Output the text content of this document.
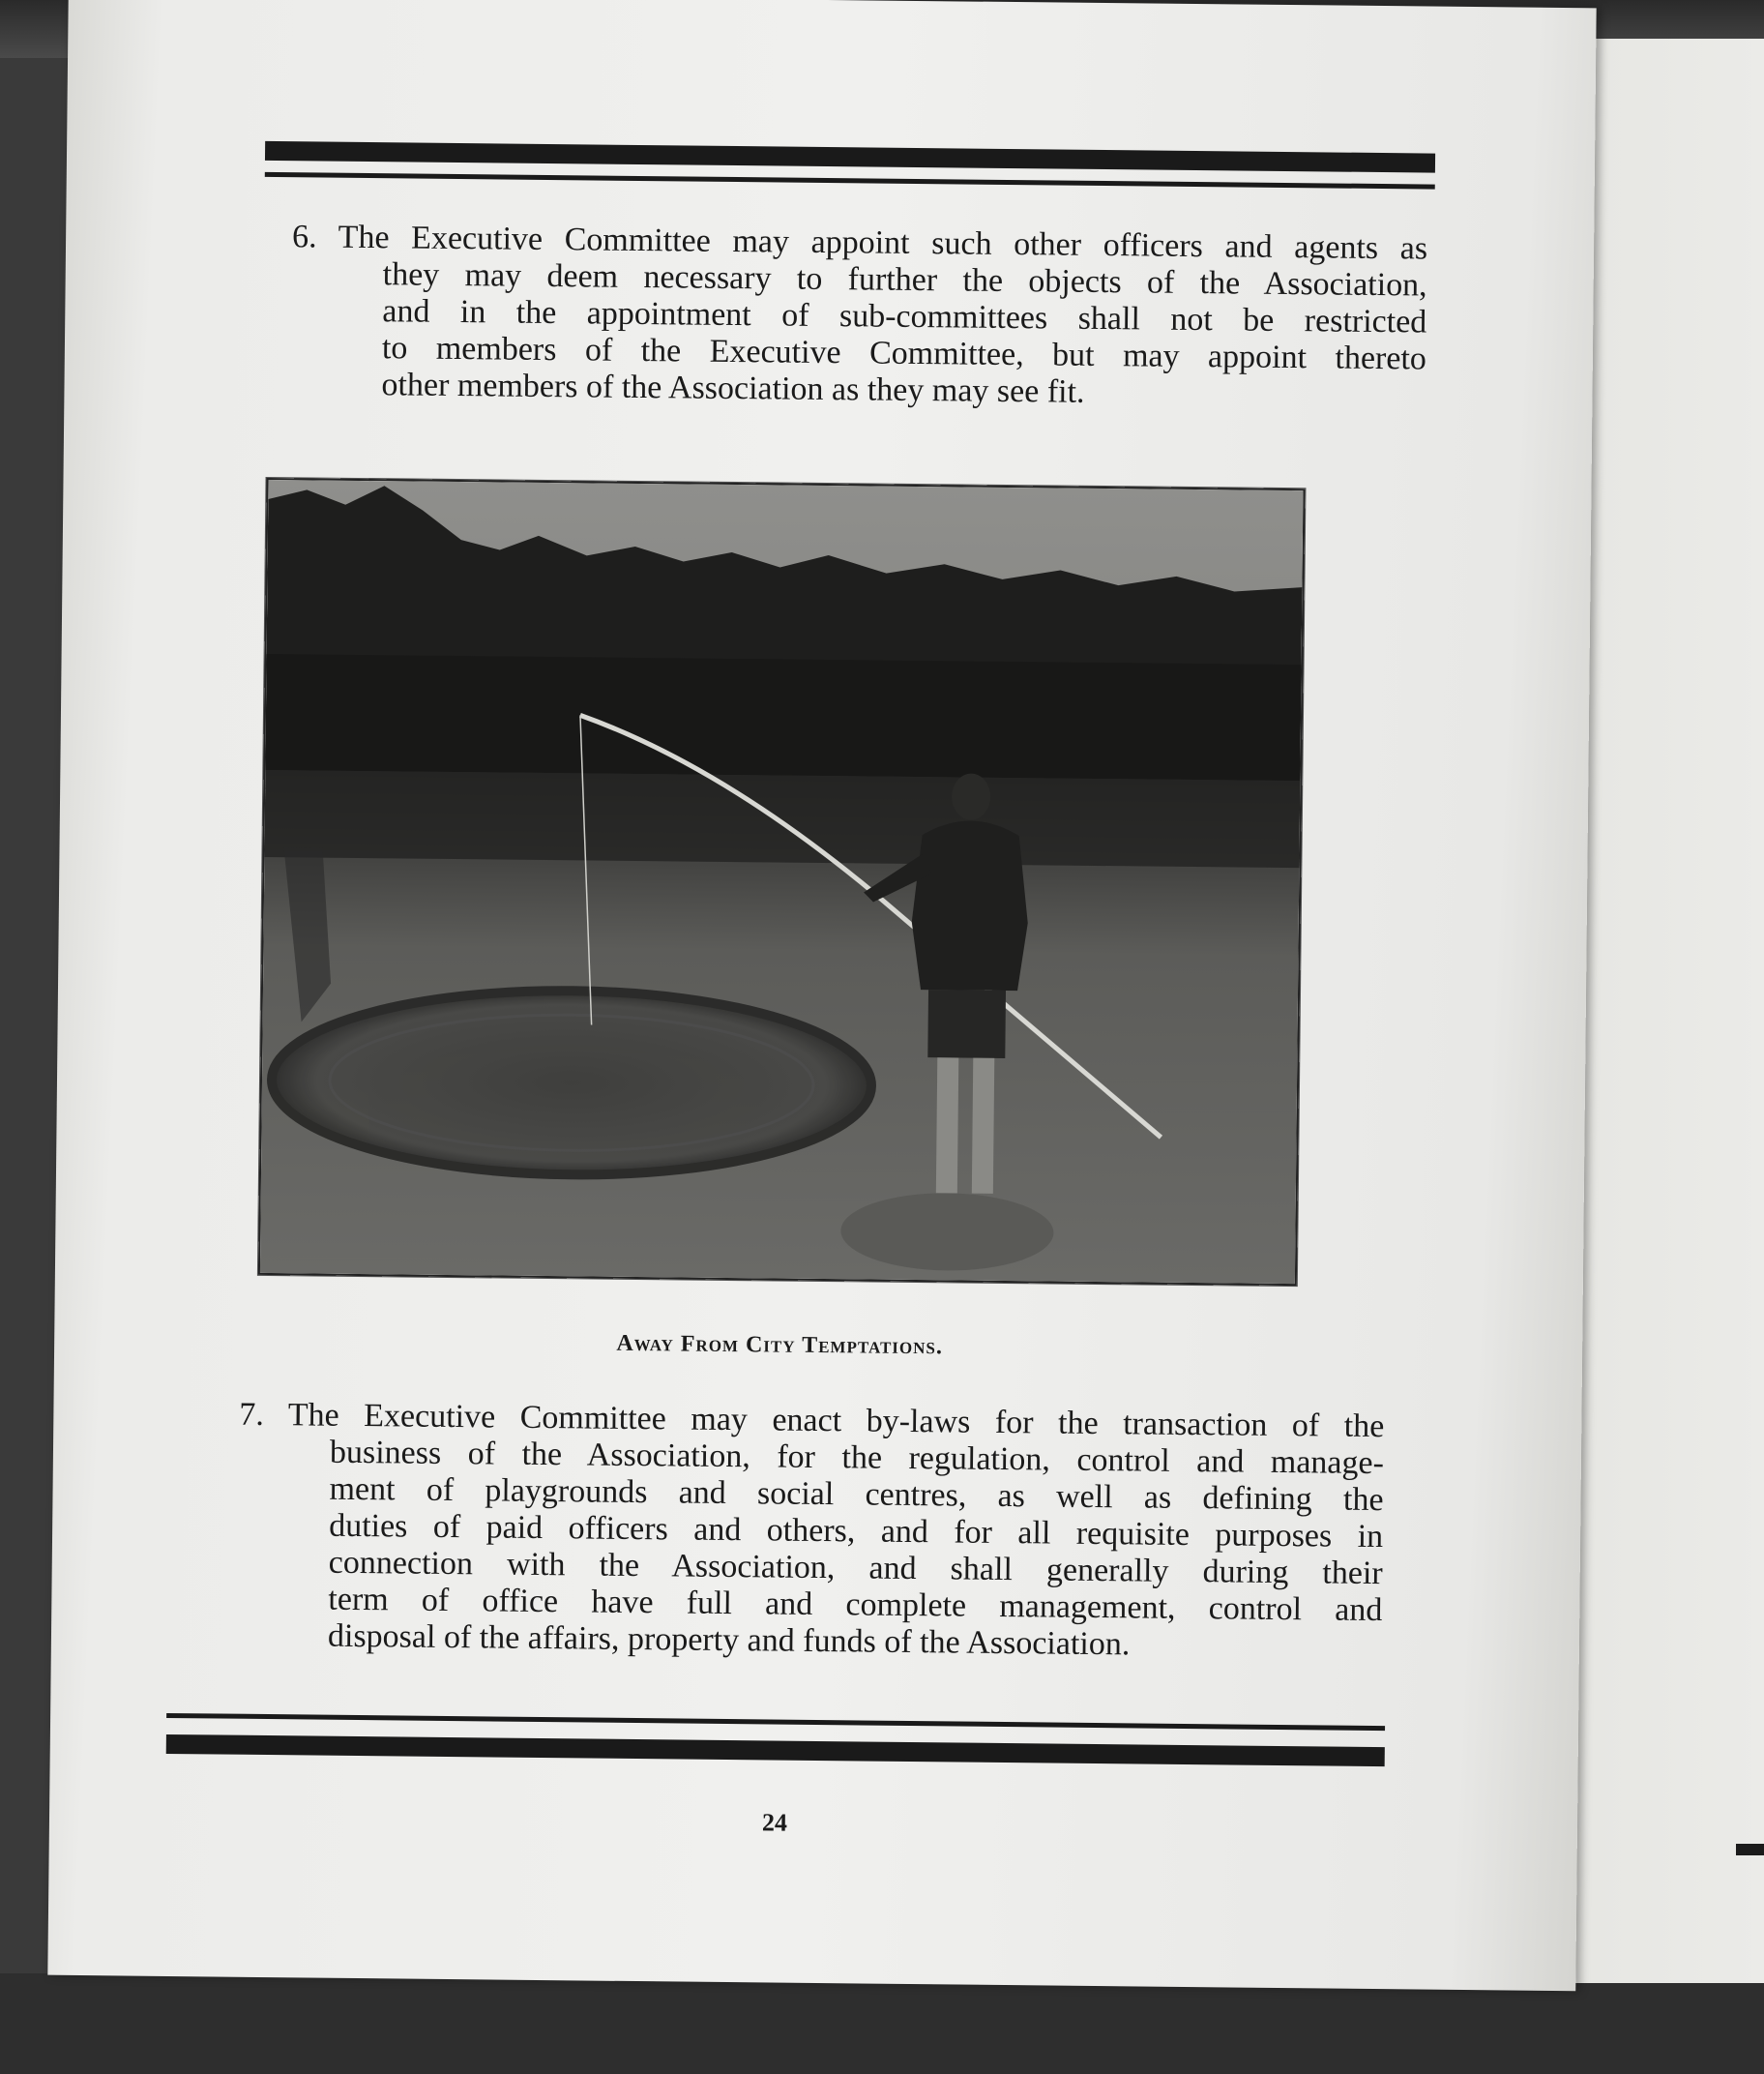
6. The Executive Committee may appoint such other officers and agents as
they may deem necessary to further the objects of the Association,
and in the appointment of sub-committees shall not be restricted
to members of the Executive Committee, but may appoint thereto
other members of the Association as they may see fit.
Away From City Temptations.
7. The Executive Committee may enact by-laws for the transaction of the
business of the Association, for the regulation, control and manage-
ment of playgrounds and social centres, as well as defining the
duties of paid officers and others, and for all requisite purposes in
connection with the Association, and shall generally during their
term of office have full and complete management, control and
disposal of the affairs, property and funds of the Association.
24
